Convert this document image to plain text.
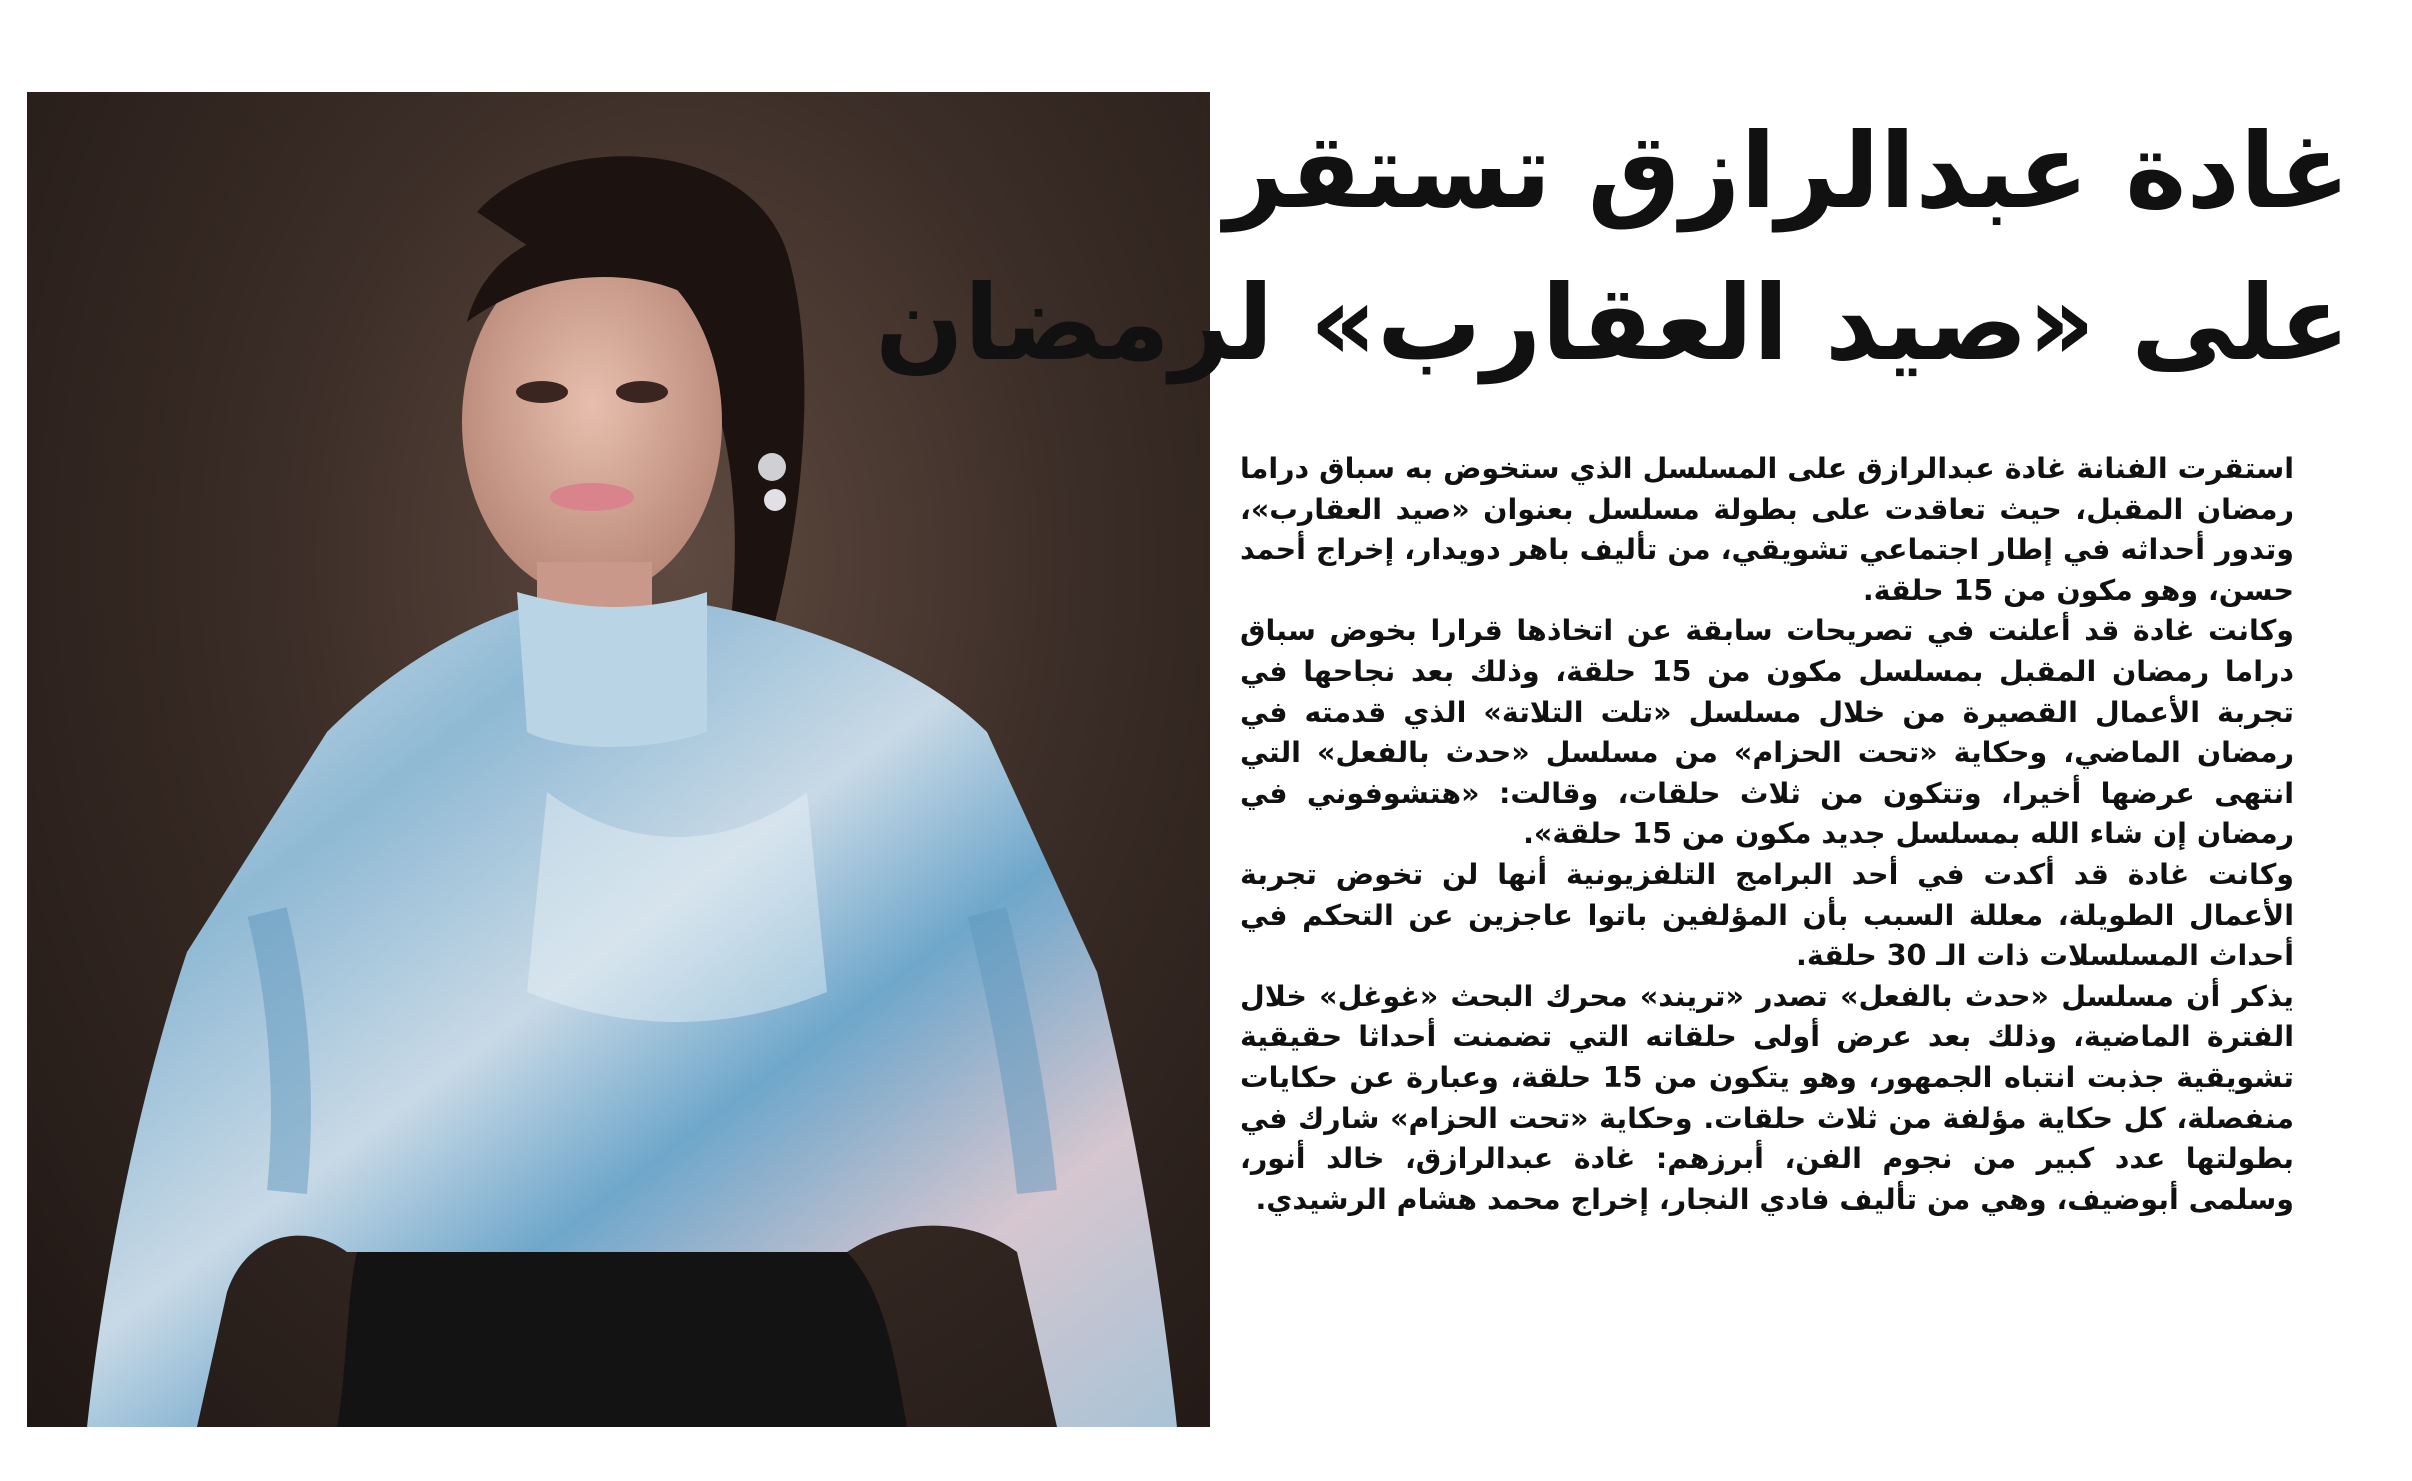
غادة عبدالرازق تستقر
على «صيد العقارب» لرمضان

استقرت الفنانة غادة عبدالرازق على المسلسل الذي ستخوض به سباق دراما رمضان المقبل، حيث تعاقدت على بطولة مسلسل بعنوان «صيد العقارب»، وتدور أحداثه في إطار اجتماعي تشويقي، من تأليف باهر دويدار، إخراج أحمد حسن، وهو مكون من 15 حلقة.

وكانت غادة قد أعلنت في تصريحات سابقة عن اتخاذها قرارا بخوض سباق دراما رمضان المقبل بمسلسل مكون من 15 حلقة، وذلك بعد نجاحها في تجربة الأعمال القصيرة من خلال مسلسل «تلت التلاتة» الذي قدمته في رمضان الماضي، وحكاية «تحت الحزام» من مسلسل «حدث بالفعل» التي انتهى عرضها أخيرا، وتتكون من ثلاث حلقات، وقالت: «هتشوفوني في رمضان إن شاء الله بمسلسل جديد مكون من 15 حلقة».

وكانت غادة قد أكدت في أحد البرامج التلفزيونية أنها لن تخوض تجربة الأعمال الطويلة، معللة السبب بأن المؤلفين باتوا عاجزين عن التحكم في أحداث المسلسلات ذات الـ 30 حلقة.

يذكر أن مسلسل «حدث بالفعل» تصدر «تريند» محرك البحث «غوغل» خلال الفترة الماضية، وذلك بعد عرض أولى حلقاته التي تضمنت أحداثا حقيقية تشويقية جذبت انتباه الجمهور، وهو يتكون من 15 حلقة، وعبارة عن حكايات منفصلة، كل حكاية مؤلفة من ثلاث حلقات. وحكاية «تحت الحزام» شارك في بطولتها عدد كبير من نجوم الفن، أبرزهم: غادة عبدالرازق، خالد أنور، وسلمى أبوضيف، وهي من تأليف فادي النجار، إخراج محمد هشام الرشيدي.
